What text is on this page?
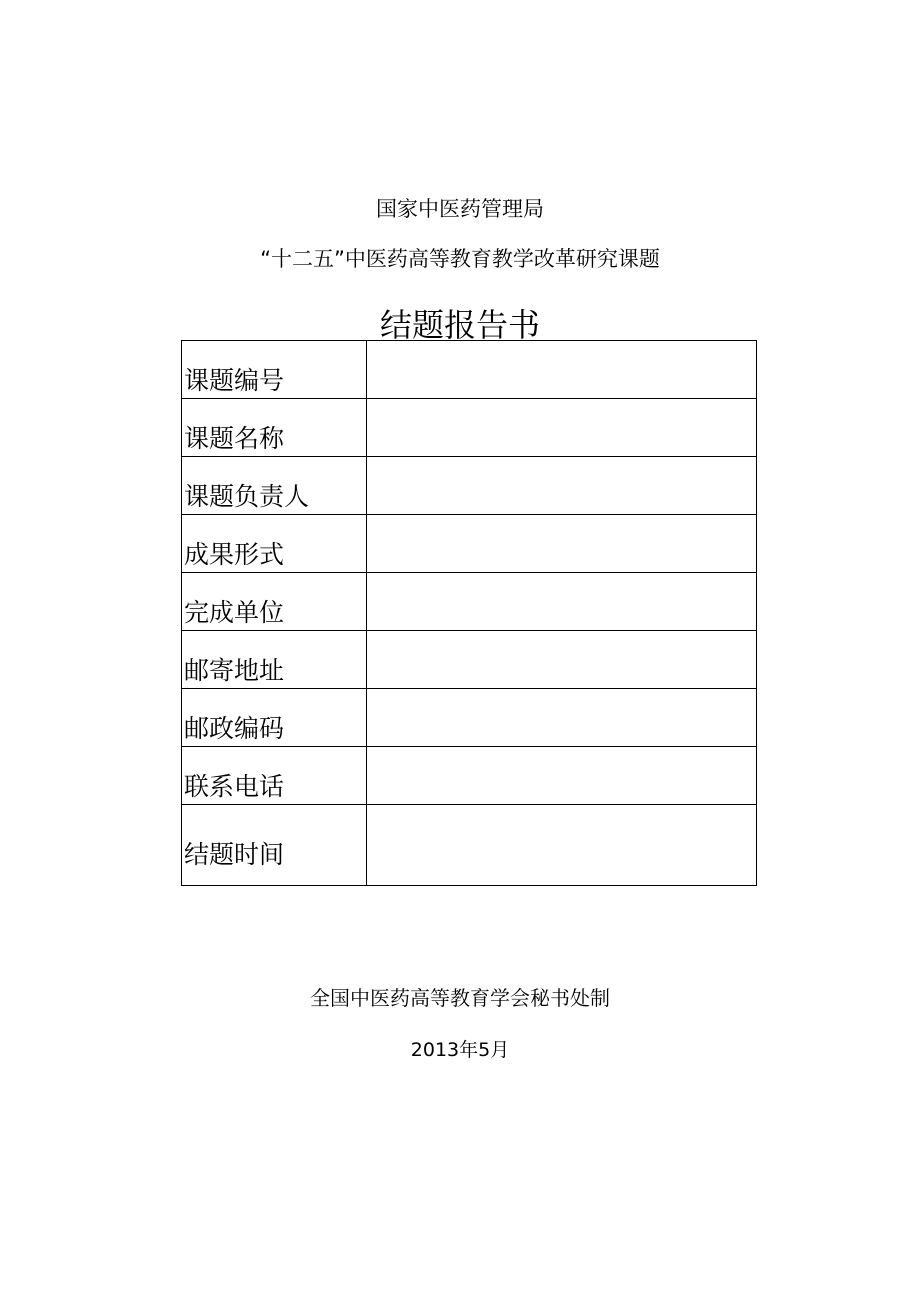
国家中医药管理局
“十二五”中医药高等教育教学改革研究课题
结题报告书
课题编号	
课题名称	
课题负责人	
成果形式	
完成单位	
邮寄地址	
邮政编码	
联系电话	
结题时间	
全国中医药高等教育学会秘书处制
2013年5月
